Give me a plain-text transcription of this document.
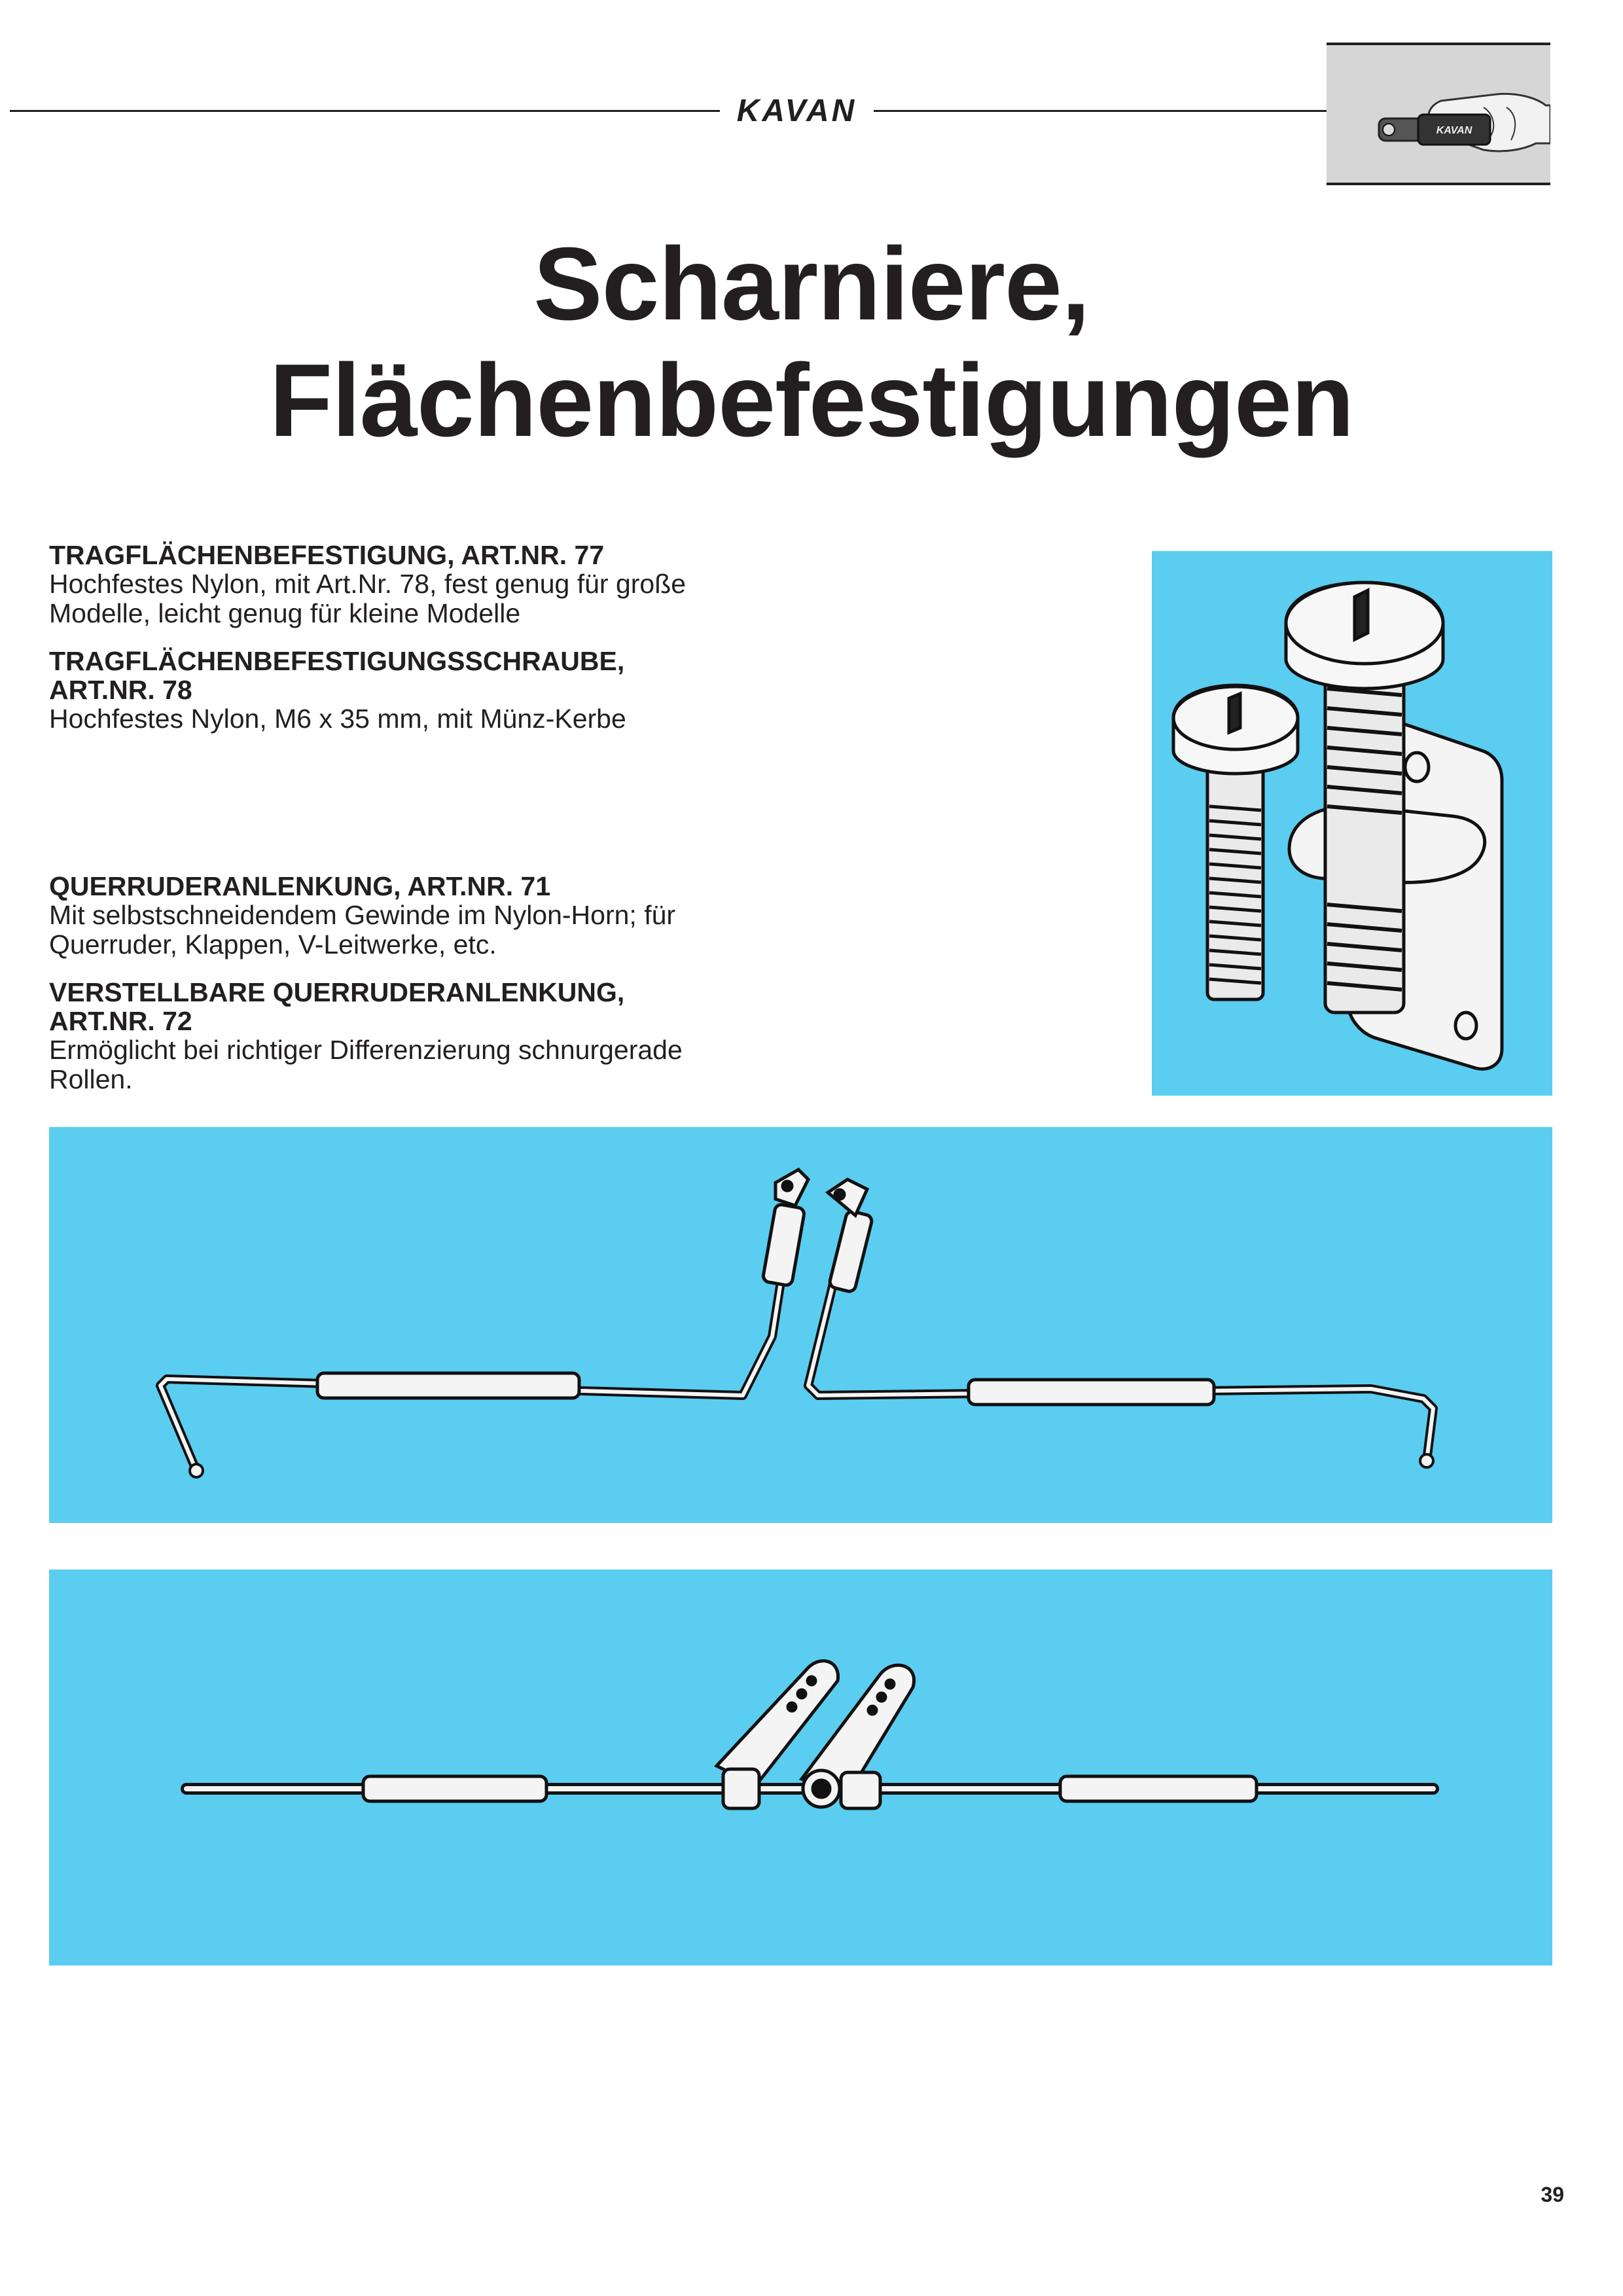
KAVAN
KAVAN
Scharniere,
Flächenbefestigungen
TRAGFLÄCHENBEFESTIGUNG, ART.NR. 77
Hochfestes Nylon, mit Art.Nr. 78, fest genug für große
Modelle, leicht genug für kleine Modelle
TRAGFLÄCHENBEFESTIGUNGSSCHRAUBE,
ART.NR. 78
Hochfestes Nylon, M6 x 35 mm, mit Münz-Kerbe
QUERRUDERANLENKUNG, ART.NR. 71
Mit selbstschneidendem Gewinde im Nylon-Horn; für
Querruder, Klappen, V-Leitwerke, etc.
VERSTELLBARE QUERRUDERANLENKUNG,
ART.NR. 72
Ermöglicht bei richtiger Differenzierung schnurgerade
Rollen.
39
